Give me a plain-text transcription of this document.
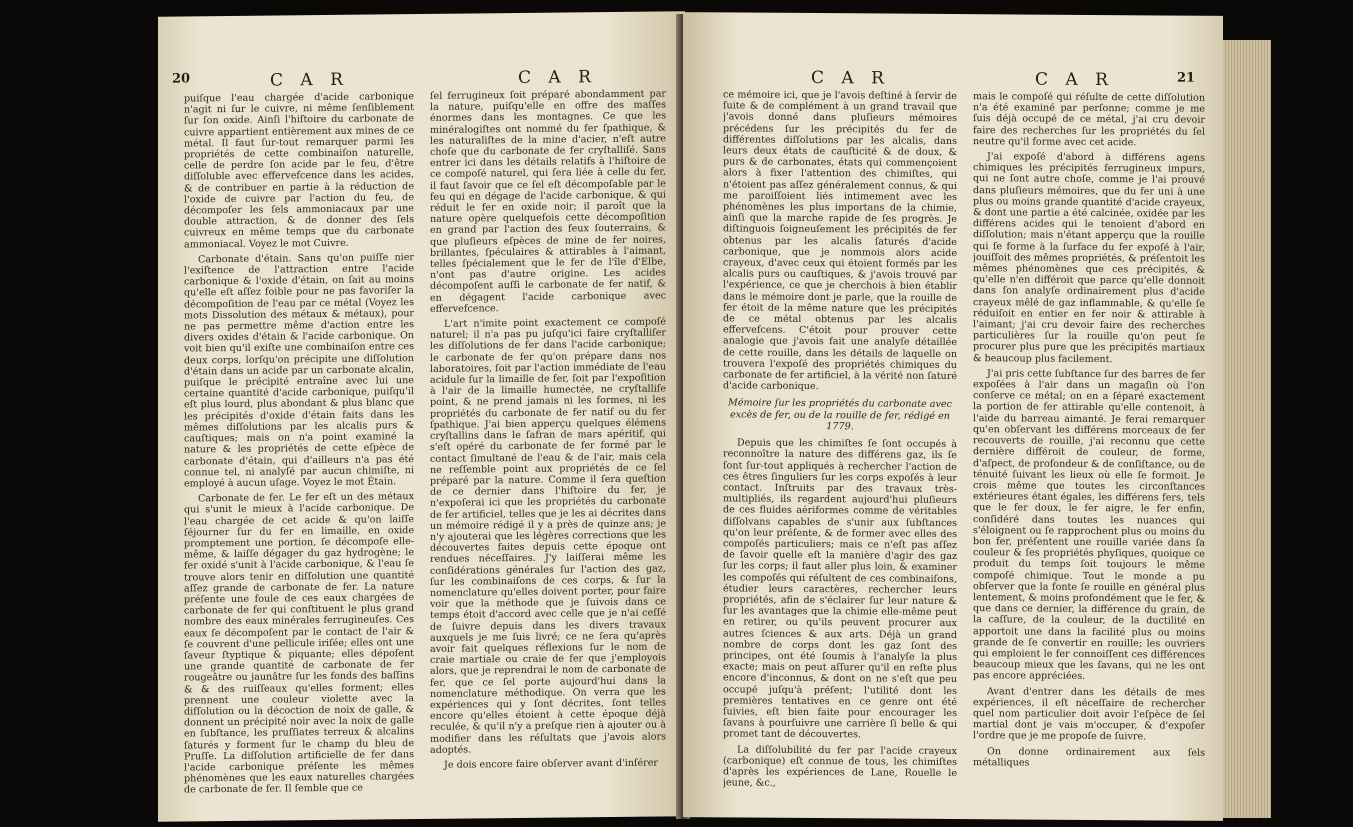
20	C A R	C A R

puiſque l'eau chargée d'acide carbonique n'agit ni ſur le cuivre, ni même ſenſiblement ſur ſon oxide. Ainſi l'hiſtoire du carbonate de cuivre appartient entièrement aux mines de ce métal. Il faut ſur-tout remarquer parmi les propriétés de cette combinaiſon naturelle, celle de perdre ſon acide par le feu, d'être diſſoluble avec effervefcence dans les acides, & de contribuer en partie à la réduction de l'oxide de cuivre par l'action du feu, de décompoſer les ſels ammoniacaux par une double attraction, & de donner des ſels cuivreux en même temps que du carbonate ammoniacal. Voyez le mot Cuivre.

Carbonate d'étain. Sans qu'on puiſſe nier l'exiſtence de l'attraction entre l'acide carbonique & l'oxide d'étain, on ſait au moins qu'elle eſt aſſez foible pour ne pas favoriſer la décompoſition de l'eau par ce métal (Voyez les mots Dissolution des métaux & métaux), pour ne pas permettre même d'action entre les divers oxides d'étain & l'acide carbonique. On voit bien qu'il exiſte une combinaiſon entre ces deux corps, lorſqu'on précipite une diſſolution d'étain dans un acide par un carbonate alcalin, puiſque le précipité entraîne avec lui une certaine quantité d'acide carbonique, puiſqu'il eſt plus lourd, plus abondant & plus blanc que les précipités d'oxide d'étain faits dans les mêmes diſſolutions par les alcalis purs & cauſtiques; mais on n'a point examiné la nature & les propriétés de cette eſpèce de carbonate d'étain, qui d'ailleurs n'a pas été connue tel, ni analyſé par aucun chimiſte, ni employé à aucun uſage. Voyez le mot Étain.

Carbonate de fer. Le fer eſt un des métaux qui s'unit le mieux à l'acide carbonique. De l'eau chargée de cet acide & qu'on laiſſe ſéjourner ſur du fer en limaille, en oxide promptement une portion, ſe décompoſe elle-même, & laiſſe dégager du gaz hydrogène; le fer oxidé s'unit à l'acide carbonique, & l'eau ſe trouve alors tenir en diſſolution une quantité aſſez grande de carbonate de fer. La nature préſente une foule de ces eaux chargées de carbonate de fer qui conſtituent le plus grand nombre des eaux minérales ferrugineuſes. Ces eaux ſe décompoſent par le contact de l'air & ſe couvrent d'une pellicule iriſée; elles ont une ſaveur ſtyptique & piquante; elles dépoſent une grande quantité de carbonate de fer rougeâtre ou jaunâtre ſur les fonds des baſſins & & des ruiſſeaux qu'elles forment; elles prennent une couleur violette avec la diſſolution ou la décoction de noix de galle, & donnent un précipité noir avec la noix de galle en ſubſtance, les pruſſiates terreux & alcalins ſaturés y forment ſur le champ du bleu de Pruſſe. La diſſolution artificielle de fer dans l'acide carbonique préſente les mêmes phénomènes que les eaux naturelles chargées de carbonate de fer. Il ſemble que ce

ſel ferrugineux ſoit préparé abondamment par la nature, puiſqu'elle en offre des maſſes énormes dans les montagnes. Ce que les minéralogiſtes ont nommé du fer ſpathique, & les naturaliſtes de la mine d'acier, n'eſt autre choſe que du carbonate de fer cryſtalliſé. Sans entrer ici dans les détails relatifs à l'hiſtoire de ce compoſé naturel, qui ſera liée à celle du fer, il faut ſavoir que ce ſel eſt décompoſable par le feu qui en dégage de l'acide carbonique, & qui réduit le fer en oxide noir; il paroît que la nature opère quelquefois cette décompoſition en grand par l'action des feux ſouterrains, & que pluſieurs eſpèces de mine de fer noires, brillantes, ſpéculaires & attirables à l'aimant, telles ſpécialement que le fer de l'île d'Elbe, n'ont pas d'autre origine. Les acides décompoſent auſſi le carbonate de fer natif, & en dégagent l'acide carbonique avec effervefcence.

L'art n'imite point exactement ce compoſé naturel; il n'a pas pu juſqu'ici faire cryſtalliſer les diſſolutions de fer dans l'acide carbonique; le carbonate de fer qu'on prépare dans nos laboratoires, ſoit par l'action immédiate de l'eau acidule ſur la limaille de fer, ſoit par l'expoſition à l'air de la limaille humectée, ne cryſtalliſe point, & ne prend jamais ni les formes, ni les propriétés du carbonate de fer natif ou du fer ſpathique. J'ai bien apperçu quelques élémens cryſtallins dans le ſafran de mars apéritif, qui s'eſt opéré du carbonate de fer formé par le contact ſimultané de l'eau & de l'air, mais cela ne reſſemble point aux propriétés de ce ſel préparé par la nature. Comme il ſera queſtion de ce dernier dans l'hiſtoire du fer, je n'expoſerai ici que les propriétés du carbonate de fer artificiel, telles que je les ai décrites dans un mémoire rédigé il y a près de quinze ans; je n'y ajouterai que les légères corrections que les découvertes faites depuis cette époque ont rendues néceſſaires. J'y laiſſerai même les conſidérations générales ſur l'action des gaz, ſur les combinaiſons de ces corps, & ſur la nomenclature qu'elles doivent porter, pour faire voir que la méthode que je ſuivois dans ce temps étoit d'accord avec celle que je n'ai ceſſé de ſuivre depuis dans les divers travaux auxquels je me ſuis livré; ce ne ſera qu'après avoir fait quelques réflexions ſur le nom de craie martiale ou craie de fer que j'employois alors, que je reprendrai le nom de carbonate de fer, que ce ſel porte aujourd'hui dans la nomenclature méthodique. On verra que les expériences qui y ſont décrites, ſont telles encore qu'elles étoient à cette époque déjà reculée, & qu'il n'y a preſque rien à ajouter ou à modifier dans les réſultats que j'avois alors adoptés.

Je dois encore faire obſerver avant d'inſérer

C A R	C A R	21

ce mémoire ici, que je l'avois deſtiné à ſervir de ſuite & de complément à un grand travail que j'avois donné dans pluſieurs mémoires précédens ſur les précipités du fer de différentes diſſolutions par les alcalis, dans leurs deux états de cauſticité & de doux, & purs & de carbonates, états qui commençoient alors à fixer l'attention des chimiſtes, qui n'étoient pas aſſez généralement connus, & qui me paroiſſoient liés intimement avec les phénomènes les plus importans de la chimie, ainſi que la marche rapide de ſes progrès. Je diſtinguois ſoigneuſement les précipités de fer obtenus par les alcalis ſaturés d'acide carbonique, que je nommois alors acide crayeux, d'avec ceux qui étoient formés par les alcalis purs ou cauſtiques, & j'avois trouvé par l'expérience, ce que je cherchois à bien établir dans le mémoire dont je parle, que la rouille de fer étoit de la même nature que les précipités de ce métal obtenus par les alcalis effervefcens. C'étoit pour prouver cette analogie que j'avois fait une analyſe détaillée de cette rouille, dans les détails de laquelle on trouvera l'expoſé des propriétés chimiques du carbonate de fer artificiel, à la vérité non ſaturé d'acide carbonique.

Mémoire ſur les propriétés du carbonate avec excès de fer, ou de la rouille de fer, rédigé en 1779.

Depuis que les chimiſtes ſe ſont occupés à reconnoître la nature des différens gaz, ils ſe ſont ſur-tout appliqués à rechercher l'action de ces êtres ſinguliers ſur les corps expoſés à leur contact. Inſtruits par des travaux très-multipliés, ils regardent aujourd'hui pluſieurs de ces fluides aériformes comme de véritables diſſolvans capables de s'unir aux ſubſtances qu'on leur préſente, & de former avec elles des compoſés particuliers; mais ce n'eſt pas aſſez de ſavoir quelle eſt la manière d'agir des gaz ſur les corps; il faut aller plus loin, & examiner les compoſés qui réſultent de ces combinaiſons, étudier leurs caractères, rechercher leurs propriétés, afin de s'éclairer ſur leur nature & ſur les avantages que la chimie elle-même peut en retirer, ou qu'ils peuvent procurer aux autres ſciences & aux arts. Déjà un grand nombre de corps dont les gaz ſont des principes, ont été ſoumis à l'analyſe la plus exacte; mais on peut aſſurer qu'il en reſte plus encore d'inconnus, & dont on ne s'eſt que peu occupé juſqu'à préſent; l'utilité dont les premières tentatives en ce genre ont été ſuivies, eſt bien faite pour encourager les ſavans à pourſuivre une carrière ſi belle & qui promet tant de découvertes.

La diſſolubilité du fer par l'acide crayeux (carbonique) eſt connue de tous, les chimiſtes d'après les expériences de Lane, Rouelle le jeune, &c.,

mais le compoſé qui réſulte de cette diſſolution n'a été examiné par perſonne; comme je me ſuis déjà occupé de ce métal, j'ai cru devoir faire des recherches ſur les propriétés du ſel neutre qu'il forme avec cet acide.

J'ai expoſé d'abord à différens agens chimiques les précipités ferrugineux impurs, qui ne ſont autre choſe, comme je l'ai prouvé dans pluſieurs mémoires, que du fer uni à une plus ou moins grande quantité d'acide crayeux, & dont une partie a été calcinée, oxidée par les différens acides qui le tenoient d'abord en diſſolution; mais n'étant apperçu que la rouille qui ſe forme à la ſurface du fer expoſé à l'air, jouiſſoit des mêmes propriétés, & préſentoit les mêmes phénomènes que ces précipités, & qu'elle n'en différoit que parce qu'elle donnoit dans ſon analyſe ordinairement plus d'acide crayeux mêlé de gaz inflammable, & qu'elle ſe réduiſoit en entier en fer noir & attirable à l'aimant; j'ai cru devoir faire des recherches particulières ſur la rouille qu'on peut ſe procurer plus pure que les précipités martiaux & beaucoup plus facilement.

J'ai pris cette ſubſtance ſur des barres de fer expoſées à l'air dans un magaſin où l'on conſerve ce métal; on en a ſéparé exactement la portion de fer attirable qu'elle contenoit, à l'aide du barreau aimanté. Je ferai remarquer qu'en obſervant les différens morceaux de fer recouverts de rouille, j'ai reconnu que cette dernière différoit de couleur, de forme, d'aſpect, de profondeur & de conſiſtance, ou de ténuité ſuivant les lieux où elle ſe formoit. Je crois même que toutes les circonſtances extérieures étant égales, les différens fers, tels que le fer doux, le fer aigre, le fer enfin, conſidéré dans toutes les nuances qui s'éloignent ou ſe rapprochent plus ou moins du bon fer, préſentent une rouille variée dans ſa couleur & ſes propriétés phyſiques, quoique ce produit du temps ſoit toujours le même compoſé chimique. Tout le monde a pu obſerver que la fonte ſe rouille en général plus lentement, & moins profondément que le fer, & que dans ce dernier, la différence du grain, de la caſſure, de la couleur, de la ductilité en apportoit une dans la facilité plus ou moins grande de ſe convertir en rouille; les ouvriers qui emploient le fer connoiſſent ces différences beaucoup mieux que les ſavans, qui ne les ont pas encore appréciées.

Avant d'entrer dans les détails de mes expériences, il eſt néceſſaire de rechercher quel nom particulier doit avoir l'eſpèce de ſel martial dont je vais m'occuper, & d'expoſer l'ordre que je me propoſe de ſuivre.

On donne ordinairement aux ſels métalliques
